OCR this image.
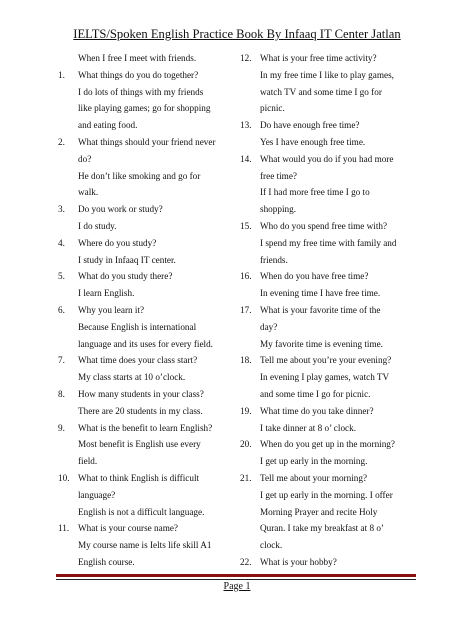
IELTS/Spoken English Practice Book By Infaaq IT Center Jatlan
When I free I meet with friends.
1.	What things do you do together?
I do lots of things with my friends
like playing games; go for shopping
and eating food.
2.	What things should your friend never
do?
He don’t like smoking and go for
walk.
3.	Do you work or study?
I do study.
4.	Where do you study?
I study in Infaaq IT center.
5.	What do you study there?
I learn English.
6.	Why you learn it?
Because English is international
language and its uses for every field.
7.	What time does your class start?
My class starts at 10 o’clock.
8.	How many students in your class?
There are 20 students in my class.
9.	What is the benefit to learn English?
Most benefit is English use every
field.
10. What to think English is difficult
language?
English is not a difficult language.
11. What is your course name?
My course name is Ielts life skill A1
English course.
12. What is your free time activity?
In my free time I like to play games,
watch TV and some time I go for
picnic.
13. Do have enough free time?
Yes I have enough free time.
14. What would you do if you had more
free time?
If I had more free time I go to
shopping.
15. Who do you spend free time with?
I spend my free time with family and
friends.
16. When do you have free time?
In evening time I have free time.
17. What is your favorite time of the
day?
My favorite time is evening time.
18. Tell me about you’re your evening?
In evening I play games, watch TV
and some time I go for picnic.
19. What time do you take dinner?
I take dinner at 8 o’ clock.
20. When do you get up in the morning?
I get up early in the morning.
21. Tell me about your morning?
I get up early in the morning. I offer
Morning Prayer and recite Holy
Quran. I take my breakfast at 8 o’
clock.
22. What is your hobby?
Page 1
